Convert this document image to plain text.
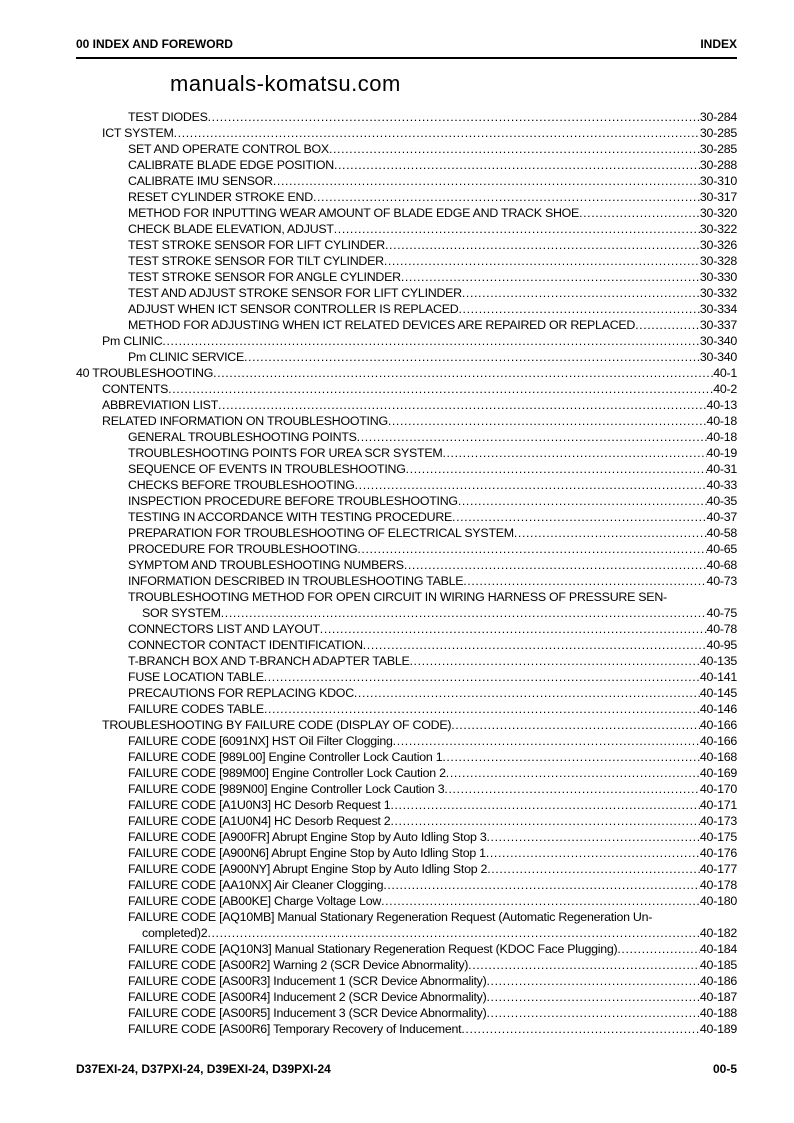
00 INDEX AND FOREWORD	INDEX
manuals-komatsu.com
TEST DIODES .....	30-284
ICT SYSTEM .....	30-285
SET AND OPERATE CONTROL BOX .....	30-285
CALIBRATE BLADE EDGE POSITION .....	30-288
CALIBRATE IMU SENSOR .....	30-310
RESET CYLINDER STROKE END .....	30-317
METHOD FOR INPUTTING WEAR AMOUNT OF BLADE EDGE AND TRACK SHOE .....	30-320
CHECK BLADE ELEVATION, ADJUST .....	30-322
TEST STROKE SENSOR FOR LIFT CYLINDER .....	30-326
TEST STROKE SENSOR FOR TILT CYLINDER .....	30-328
TEST STROKE SENSOR FOR ANGLE CYLINDER .....	30-330
TEST AND ADJUST STROKE SENSOR FOR LIFT CYLINDER .....	30-332
ADJUST WHEN ICT SENSOR CONTROLLER IS REPLACED .....	30-334
METHOD FOR ADJUSTING WHEN ICT RELATED DEVICES ARE REPAIRED OR REPLACED .....	30-337
Pm CLINIC .....	30-340
Pm CLINIC SERVICE .....	30-340
40 TROUBLESHOOTING .....	40-1
CONTENTS .....	40-2
ABBREVIATION LIST .....	40-13
RELATED INFORMATION ON TROUBLESHOOTING .....	40-18
GENERAL TROUBLESHOOTING POINTS .....	40-18
TROUBLESHOOTING POINTS FOR UREA SCR SYSTEM .....	40-19
SEQUENCE OF EVENTS IN TROUBLESHOOTING .....	40-31
CHECKS BEFORE TROUBLESHOOTING .....	40-33
INSPECTION PROCEDURE BEFORE TROUBLESHOOTING .....	40-35
TESTING IN ACCORDANCE WITH TESTING PROCEDURE .....	40-37
PREPARATION FOR TROUBLESHOOTING OF ELECTRICAL SYSTEM .....	40-58
PROCEDURE FOR TROUBLESHOOTING .....	40-65
SYMPTOM AND TROUBLESHOOTING NUMBERS .....	40-68
INFORMATION DESCRIBED IN TROUBLESHOOTING TABLE .....	40-73
TROUBLESHOOTING METHOD FOR OPEN CIRCUIT IN WIRING HARNESS OF PRESSURE SEN-
SOR SYSTEM .....	40-75
CONNECTORS LIST AND LAYOUT .....	40-78
CONNECTOR CONTACT IDENTIFICATION .....	40-95
T-BRANCH BOX AND T-BRANCH ADAPTER TABLE .....	40-135
FUSE LOCATION TABLE .....	40-141
PRECAUTIONS FOR REPLACING KDOC .....	40-145
FAILURE CODES TABLE .....	40-146
TROUBLESHOOTING BY FAILURE CODE (DISPLAY OF CODE) .....	40-166
FAILURE CODE [6091NX] HST Oil Filter Clogging .....	40-166
FAILURE CODE [989L00] Engine Controller Lock Caution 1 .....	40-168
FAILURE CODE [989M00] Engine Controller Lock Caution 2 .....	40-169
FAILURE CODE [989N00] Engine Controller Lock Caution 3 .....	40-170
FAILURE CODE [A1U0N3] HC Desorb Request 1 .....	40-171
FAILURE CODE [A1U0N4] HC Desorb Request 2 .....	40-173
FAILURE CODE [A900FR] Abrupt Engine Stop by Auto Idling Stop 3 .....	40-175
FAILURE CODE [A900N6] Abrupt Engine Stop by Auto Idling Stop 1 .....	40-176
FAILURE CODE [A900NY] Abrupt Engine Stop by Auto Idling Stop 2 .....	40-177
FAILURE CODE [AA10NX] Air Cleaner Clogging .....	40-178
FAILURE CODE [AB00KE] Charge Voltage Low .....	40-180
FAILURE CODE [AQ10MB] Manual Stationary Regeneration Request (Automatic Regeneration Un-
completed)2 .....	40-182
FAILURE CODE [AQ10N3] Manual Stationary Regeneration Request (KDOC Face Plugging) .....	40-184
FAILURE CODE [AS00R2] Warning 2 (SCR Device Abnormality) .....	40-185
FAILURE CODE [AS00R3] Inducement 1 (SCR Device Abnormality) .....	40-186
FAILURE CODE [AS00R4] Inducement 2 (SCR Device Abnormality) .....	40-187
FAILURE CODE [AS00R5] Inducement 3 (SCR Device Abnormality) .....	40-188
FAILURE CODE [AS00R6] Temporary Recovery of Inducement .....	40-189
D37EXI-24, D37PXI-24, D39EXI-24, D39PXI-24	00-5
